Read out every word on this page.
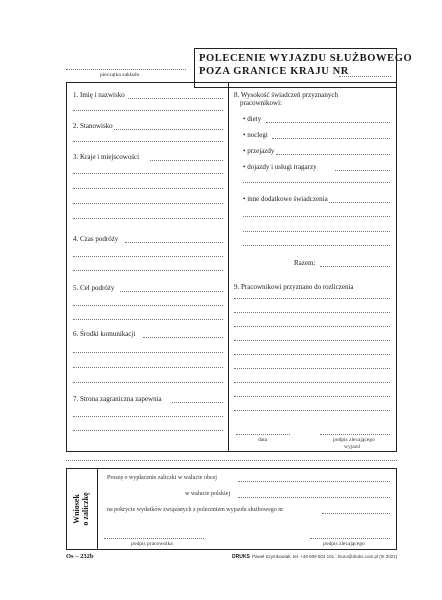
pieczątka zakładu
POLECENIE WYJAZDU SŁUŻBOWEGO
POZA GRANICE KRAJU NR
1. Imię i nazwisko
2. Stanowisko
3. Kraje i miejscowości
4. Czas podróży
5. Cel podróży
6. Środki komunikacji
7. Strona zagraniczna zapewnia
8. Wysokość świadczeń przyznanych
pracownikowi:
• diety
• noclegi
• przejazdy
• dojazdy i usługi tragarzy
• inne dodatkowe świadczenia
Razem:
9. Pracownikowi przyznano do rozliczenia
data	podpis zlecającego
wyjazd
Wniosek o zaliczkę
Proszę o wypłacenie zaliczki w walucie obcej
w walucie polskiej
na pokrycie wydatków związanych z poleceniem wyjazdu służbowego nr
podpis pracownika	podpis zlecającego
Os – 232b	DRUKS Paweł Szymkowiak, tel. +48 609 503 101 ; biuro@druks.com.pl (III 2021)
